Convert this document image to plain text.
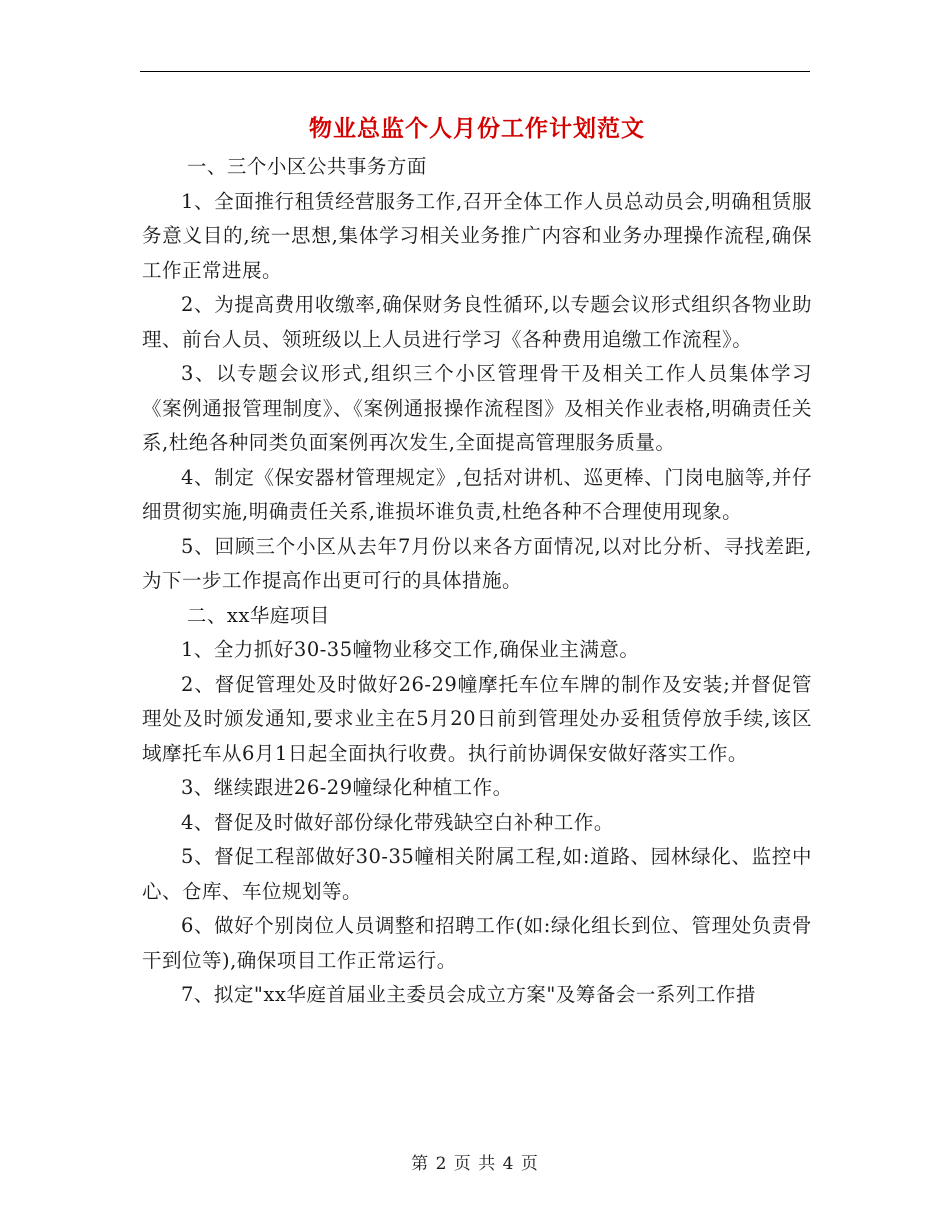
物业总监个人月份工作计划范文

一、三个小区公共事务方面

1、全面推行租赁经营服务工作,召开全体工作人员总动员会,明确租赁服务意义目的,统一思想,集体学习相关业务推广内容和业务办理操作流程,确保工作正常进展。

2、为提高费用收缴率,确保财务良性循环,以专题会议形式组织各物业助理、前台人员、领班级以上人员进行学习《各种费用追缴工作流程》。

3、以专题会议形式,组织三个小区管理骨干及相关工作人员集体学习《案例通报管理制度》、《案例通报操作流程图》及相关作业表格,明确责任关系,杜绝各种同类负面案例再次发生,全面提高管理服务质量。

4、制定《保安器材管理规定》,包括对讲机、巡更棒、门岗电脑等,并仔细贯彻实施,明确责任关系,谁损坏谁负责,杜绝各种不合理使用现象。

5、回顾三个小区从去年7月份以来各方面情况,以对比分析、寻找差距,为下一步工作提高作出更可行的具体措施。

二、xx华庭项目

1、全力抓好30-35幢物业移交工作,确保业主满意。

2、督促管理处及时做好26-29幢摩托车位车牌的制作及安装;并督促管理处及时颁发通知,要求业主在5月20日前到管理处办妥租赁停放手续,该区域摩托车从6月1日起全面执行收费。执行前协调保安做好落实工作。

3、继续跟进26-29幢绿化种植工作。

4、督促及时做好部份绿化带残缺空白补种工作。

5、督促工程部做好30-35幢相关附属工程,如:道路、园林绿化、监控中心、仓库、车位规划等。

6、做好个别岗位人员调整和招聘工作(如:绿化组长到位、管理处负责骨干到位等),确保项目工作正常运行。

7、拟定"xx华庭首届业主委员会成立方案"及筹备会一系列工作措

第 2 页 共 4 页
